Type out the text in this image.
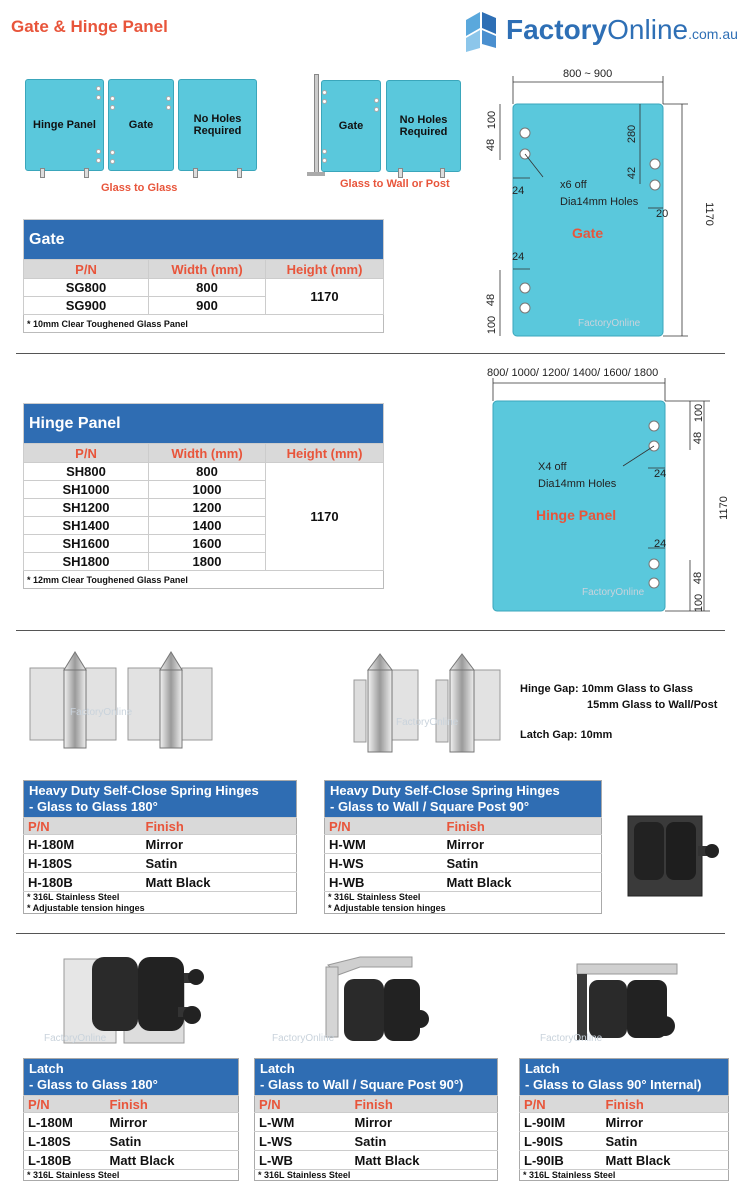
Gate & Hinge Panel	FactoryOnline.com.au
Hinge Panel	Gate	No Holes Required
Glass to Glass
Gate	No Holes Required
Glass to Wall or Post
800 ~ 900
1170
100
48
280
42
24
20
x6 off
Dia14mm Holes
Gate
24
48
100	FactoryOnline
Gate		
P/N	Width (mm)	Height (mm)
SG800	800	1170
SG900	900	
* 10mm Clear Toughened Glass Panel		
800/ 1000/ 1200/ 1400/ 1600/ 1800
1170
100
48
24
X4 off
Dia14mm Holes
Hinge Panel
24
48
100
FactoryOnline
Hinge Panel		
P/N	Width (mm)	Height (mm)
SH800	800	1170
SH1000	1000	
SH1200	1200	
SH1400	1400	
SH1600	1600	
SH1800	1800	
* 12mm Clear Toughened Glass Panel		
FactoryOnline
FactoryOnline
Hinge Gap: 10mm Glass to Glass
15mm Glass to Wall/Post
Latch Gap: 10mm
Heavy Duty Self-Close Spring Hinges
- Glass to Glass 180°	
P/N	Finish
H-180M	Mirror
H-180S	Satin
H-180B	Matt Black
* 316L Stainless Steel	
* Adjustable tension hinges	
Heavy Duty Self-Close Spring Hinges
- Glass to Wall / Square Post 90°	
P/N	Finish
H-WM	Mirror
H-WS	Satin
H-WB	Matt Black
* 316L Stainless Steel	
* Adjustable tension hinges	
FactoryOnline	FactoryOnline	FactoryOnline
Latch
- Glass to Glass 180°	
P/N	Finish
L-180M	Mirror
L-180S	Satin
L-180B	Matt Black
* 316L Stainless Steel	
Latch
- Glass to Wall / Square Post 90°)	
P/N	Finish
L-WM	Mirror
L-WS	Satin
L-WB	Matt Black
* 316L Stainless Steel	
Latch
- Glass to Glass 90° Internal)	
P/N	Finish
L-90IM	Mirror
L-90IS	Satin
L-90IB	Matt Black
* 316L Stainless Steel	
